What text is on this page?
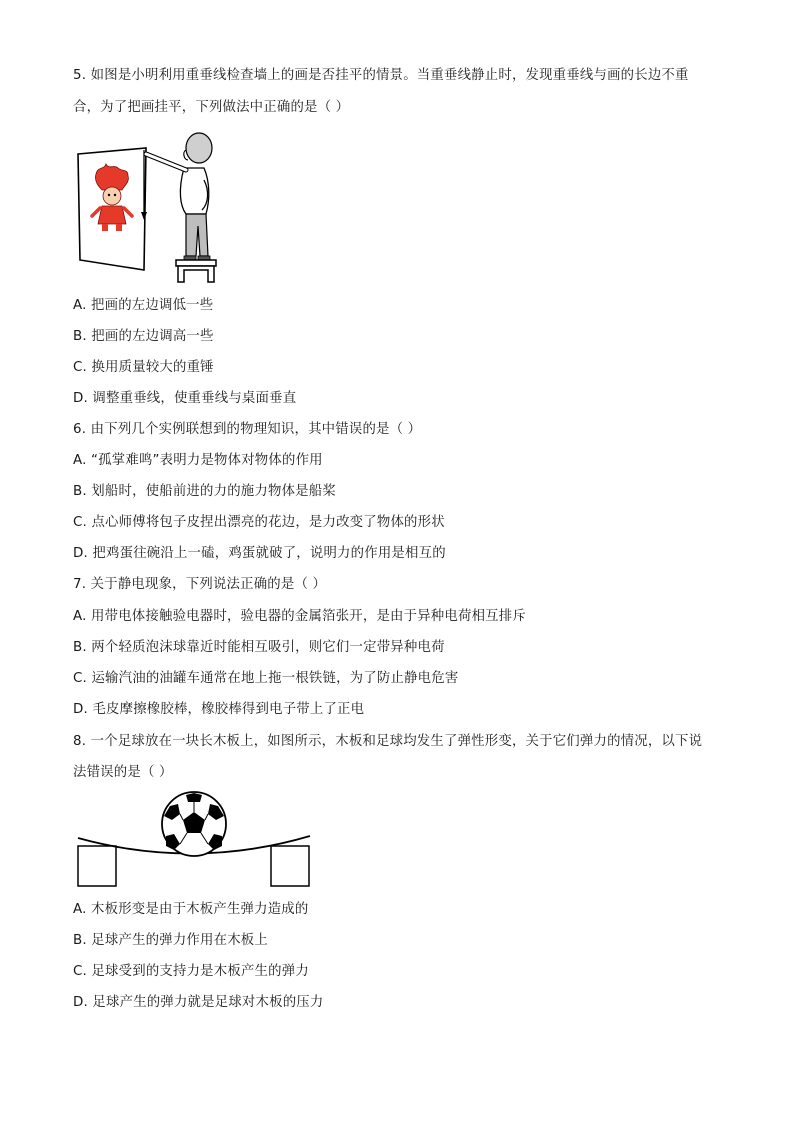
5. 如图是小明利用重垂线检查墙上的画是否挂平的情景。当重垂线静止时，发现重垂线与画的长边不重
合，为了把画挂平，下列做法中正确的是（ ）
A. 把画的左边调低一些
B. 把画的左边调高一些
C. 换用质量较大的重锤
D. 调整重垂线，使重垂线与桌面垂直
6. 由下列几个实例联想到的物理知识，其中错误的是（ ）
A. “孤掌难鸣”表明力是物体对物体的作用
B. 划船时，使船前进的力的施力物体是船桨
C. 点心师傅将包子皮捏出漂亮的花边，是力改变了物体的形状
D. 把鸡蛋往碗沿上一磕，鸡蛋就破了，说明力的作用是相互的
7. 关于静电现象，下列说法正确的是（ ）
A. 用带电体接触验电器时，验电器的金属箔张开，是由于异种电荷相互排斥
B. 两个轻质泡沫球靠近时能相互吸引，则它们一定带异种电荷
C. 运输汽油的油罐车通常在地上拖一根铁链，为了防止静电危害
D. 毛皮摩擦橡胶棒，橡胶棒得到电子带上了正电
8. 一个足球放在一块长木板上，如图所示，木板和足球均发生了弹性形变，关于它们弹力的情况，以下说
法错误的是（ ）
A. 木板形变是由于木板产生弹力造成的
B. 足球产生的弹力作用在木板上
C. 足球受到的支持力是木板产生的弹力
D. 足球产生的弹力就是足球对木板的压力
